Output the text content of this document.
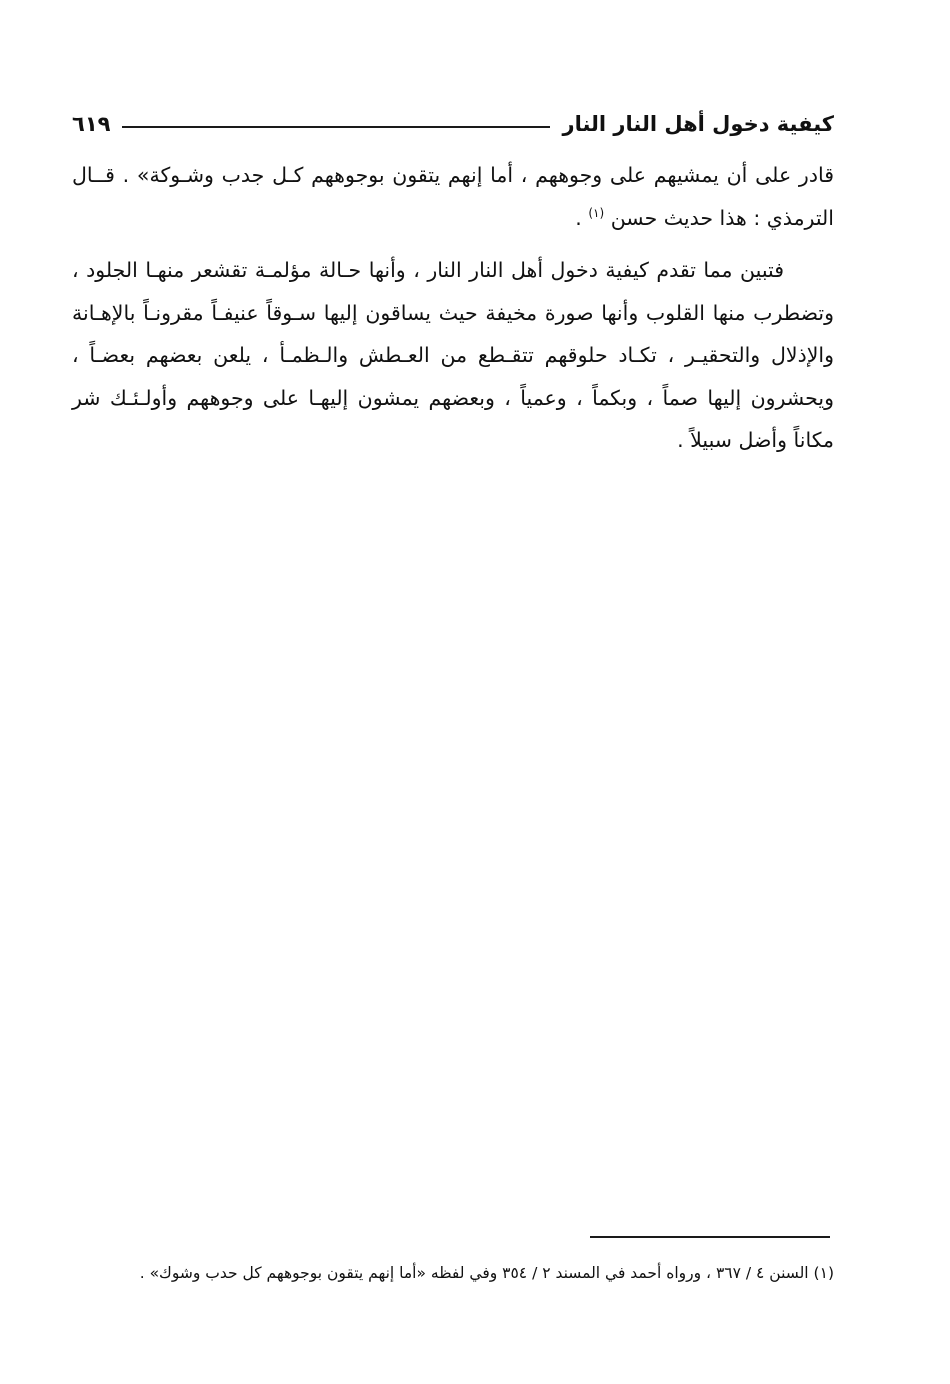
كيفية دخول أهل النار النار
٦١٩

قادر على أن يمشيهم على وجوههم ، أما إنهم يتقون بوجوههم كـل جدب وشـوكة» . قــال الترمذي : هذا حديث حسن $^{(١)}$ .

فتبين مما تقدم كيفية دخول أهل النار النار ، وأنها حـالة مؤلمـة تقشعر منهـا الجلود ، وتضطرب منها القلوب وأنها صورة مخيفة حيث يساقون إليها سـوقاً عنيفـاً مقرونـاً بالإهـانة والإذلال والتحقيـر ، تكـاد حلوقهم تتقـطع من العـطش والـظمـأ ، يلعن بعضهم بعضـاً ، ويحشرون إليها صماً ، وبكماً ، وعمياً ، وبعضهم يمشون إليهـا على وجوههم وأولـئـك شر مكاناً وأضل سبيلاً .

(١) السنن ٤ / ٣٦٧ ، ورواه أحمد في المسند ٢ / ٣٥٤ وفي لفظه «أما إنهم يتقون بوجوههم كل حدب وشوك» .
